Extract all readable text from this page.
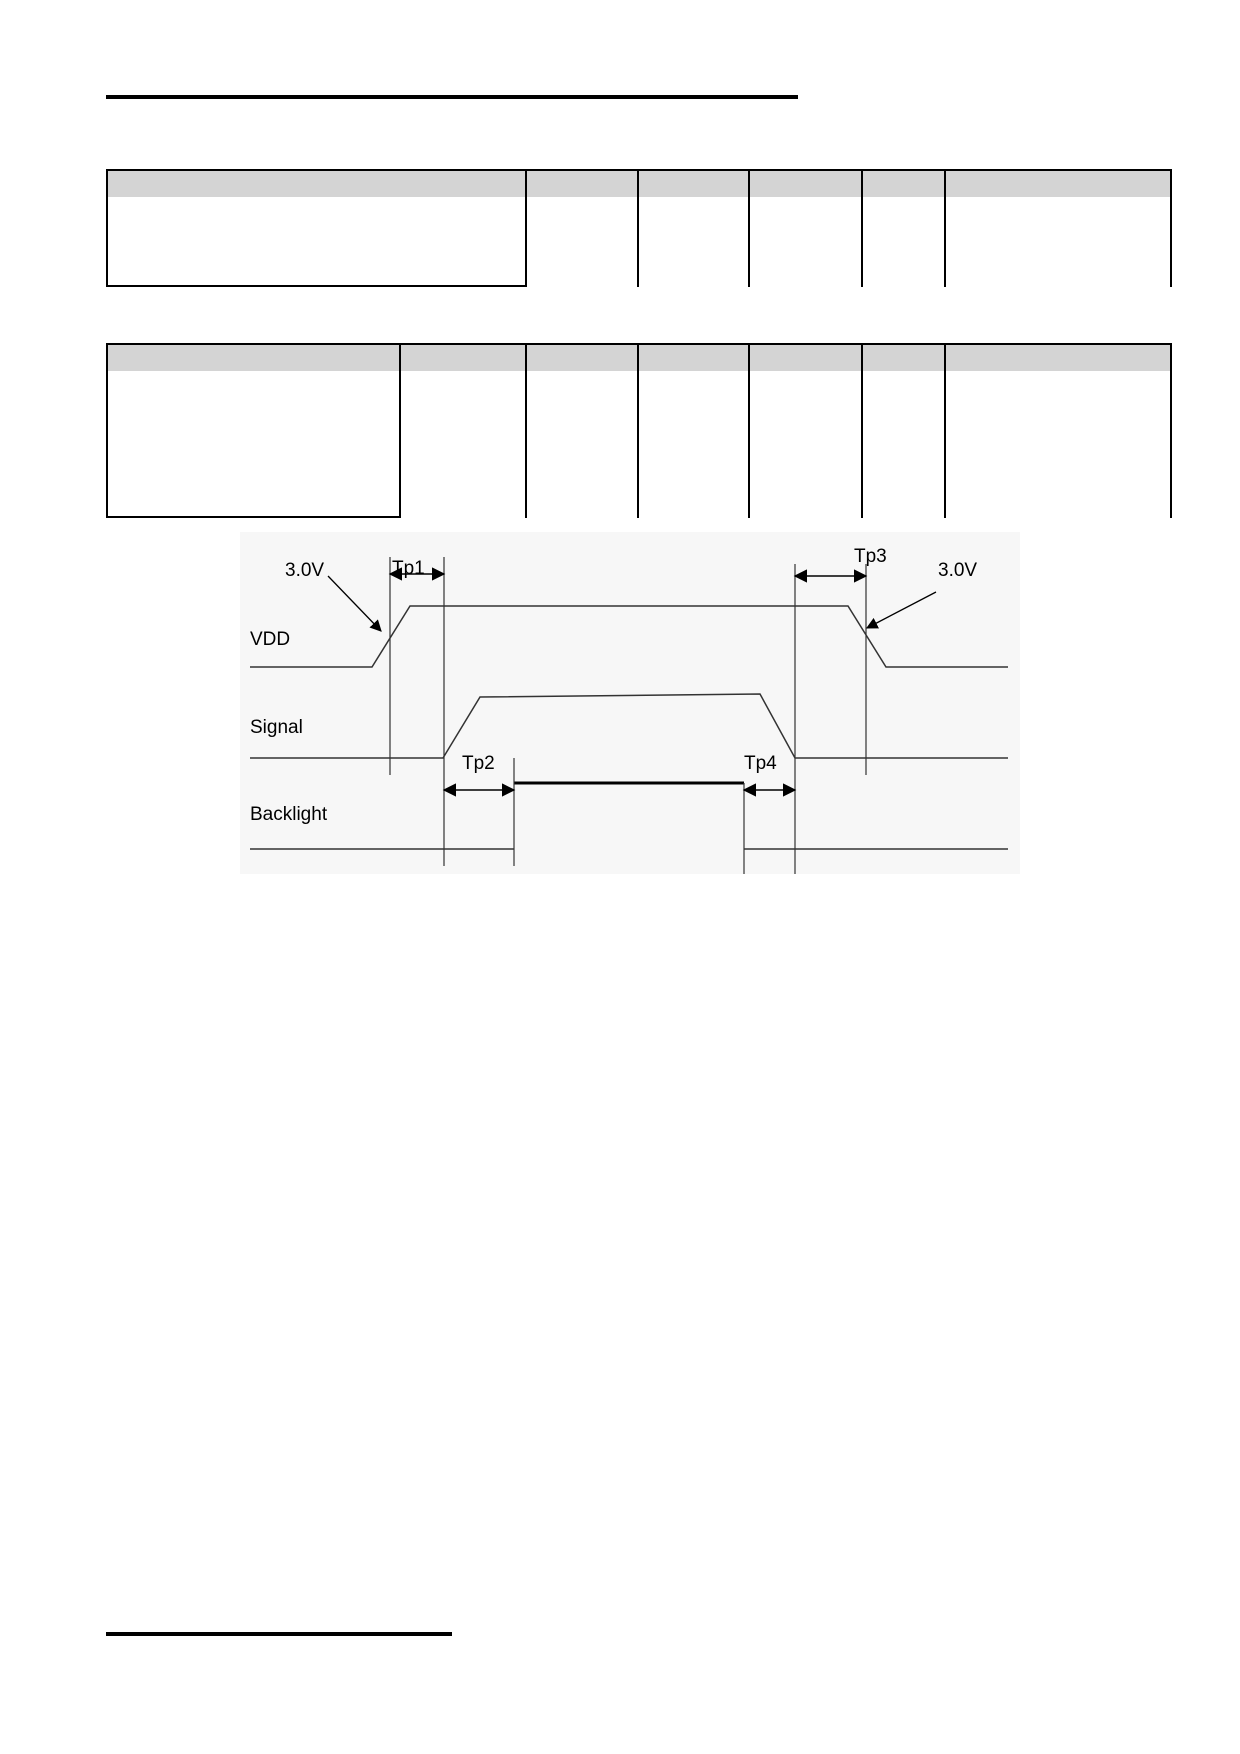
3.0V	3.0V
Tp1
Tp2
Tp3
Tp4
VDD
Signal
Backlight
